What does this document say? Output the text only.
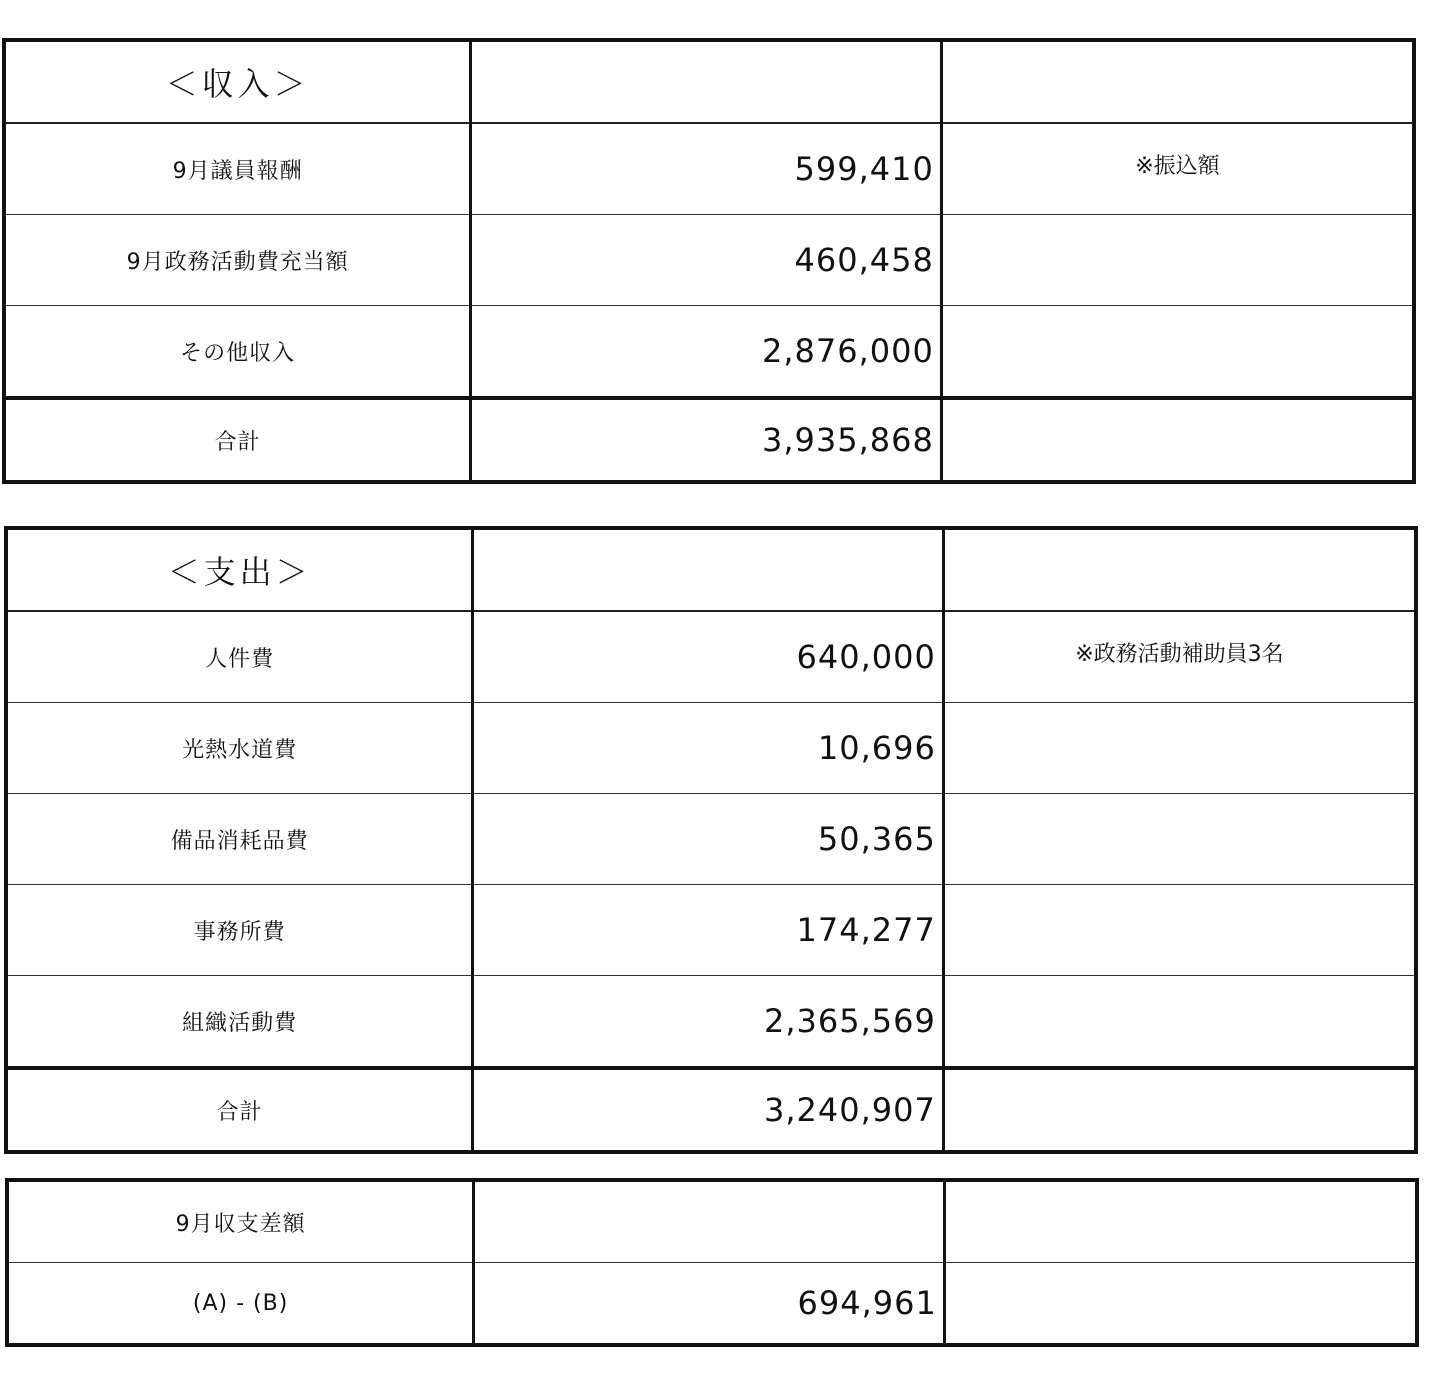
＜収入＞		
9月議員報酬	599,410	※振込額
9月政務活動費充当額	460,458	
その他収入	2,876,000	
合計	3,935,868	
＜支出＞		
人件費	640,000	※政務活動補助員3名
光熱水道費	10,696	
備品消耗品費	50,365	
事務所費	174,277	
組織活動費	2,365,569	
合計	3,240,907	
9月収支差額		
(A) - (B)	694,961	
